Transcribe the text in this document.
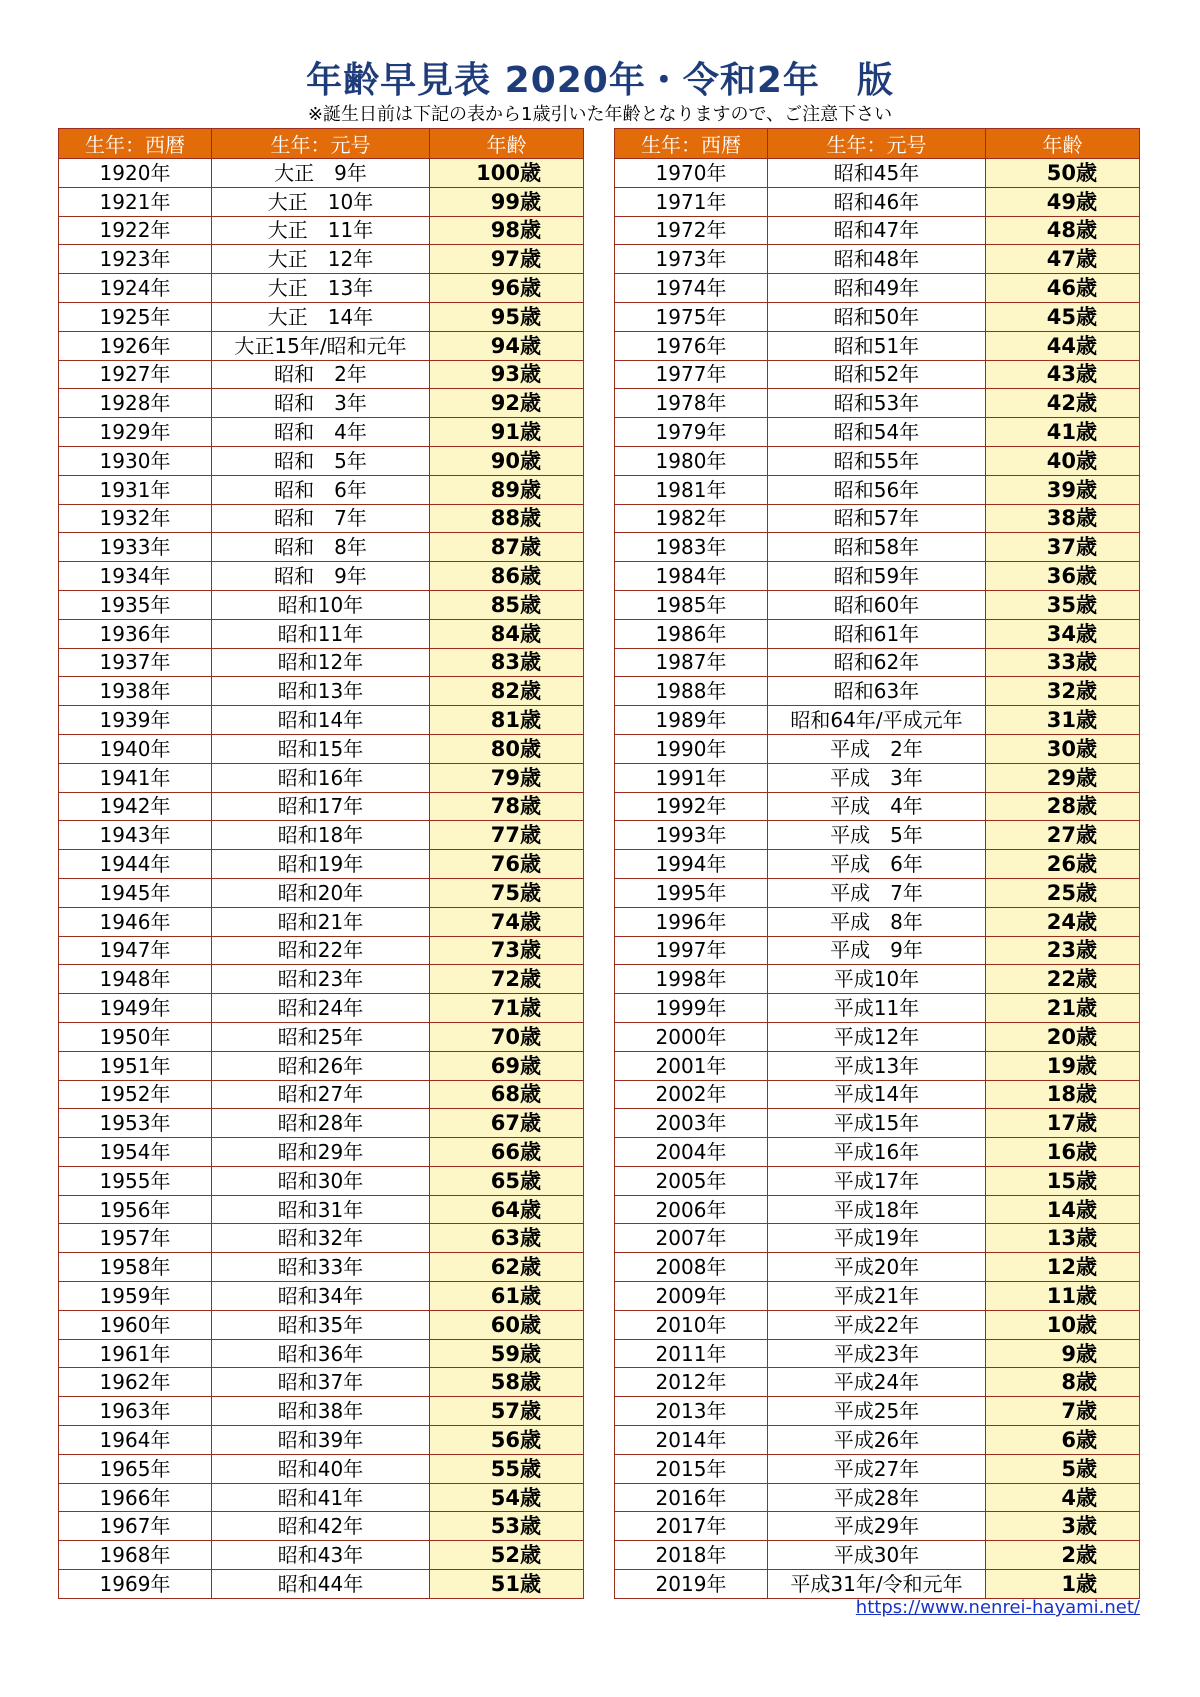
年齢早見表 2020年・令和2年　版
※誕生日前は下記の表から1歳引いた年齢となりますので、ご注意下さい
生年：西暦	生年：元号	年齢
1920年	大正　9年	100歳
1921年	大正　10年	99歳
1922年	大正　11年	98歳
1923年	大正　12年	97歳
1924年	大正　13年	96歳
1925年	大正　14年	95歳
1926年	大正15年/昭和元年	94歳
1927年	昭和　2年	93歳
1928年	昭和　3年	92歳
1929年	昭和　4年	91歳
1930年	昭和　5年	90歳
1931年	昭和　6年	89歳
1932年	昭和　7年	88歳
1933年	昭和　8年	87歳
1934年	昭和　9年	86歳
1935年	昭和10年	85歳
1936年	昭和11年	84歳
1937年	昭和12年	83歳
1938年	昭和13年	82歳
1939年	昭和14年	81歳
1940年	昭和15年	80歳
1941年	昭和16年	79歳
1942年	昭和17年	78歳
1943年	昭和18年	77歳
1944年	昭和19年	76歳
1945年	昭和20年	75歳
1946年	昭和21年	74歳
1947年	昭和22年	73歳
1948年	昭和23年	72歳
1949年	昭和24年	71歳
1950年	昭和25年	70歳
1951年	昭和26年	69歳
1952年	昭和27年	68歳
1953年	昭和28年	67歳
1954年	昭和29年	66歳
1955年	昭和30年	65歳
1956年	昭和31年	64歳
1957年	昭和32年	63歳
1958年	昭和33年	62歳
1959年	昭和34年	61歳
1960年	昭和35年	60歳
1961年	昭和36年	59歳
1962年	昭和37年	58歳
1963年	昭和38年	57歳
1964年	昭和39年	56歳
1965年	昭和40年	55歳
1966年	昭和41年	54歳
1967年	昭和42年	53歳
1968年	昭和43年	52歳
1969年	昭和44年	51歳
生年：西暦	生年：元号	年齢
1970年	昭和45年	50歳
1971年	昭和46年	49歳
1972年	昭和47年	48歳
1973年	昭和48年	47歳
1974年	昭和49年	46歳
1975年	昭和50年	45歳
1976年	昭和51年	44歳
1977年	昭和52年	43歳
1978年	昭和53年	42歳
1979年	昭和54年	41歳
1980年	昭和55年	40歳
1981年	昭和56年	39歳
1982年	昭和57年	38歳
1983年	昭和58年	37歳
1984年	昭和59年	36歳
1985年	昭和60年	35歳
1986年	昭和61年	34歳
1987年	昭和62年	33歳
1988年	昭和63年	32歳
1989年	昭和64年/平成元年	31歳
1990年	平成　2年	30歳
1991年	平成　3年	29歳
1992年	平成　4年	28歳
1993年	平成　5年	27歳
1994年	平成　6年	26歳
1995年	平成　7年	25歳
1996年	平成　8年	24歳
1997年	平成　9年	23歳
1998年	平成10年	22歳
1999年	平成11年	21歳
2000年	平成12年	20歳
2001年	平成13年	19歳
2002年	平成14年	18歳
2003年	平成15年	17歳
2004年	平成16年	16歳
2005年	平成17年	15歳
2006年	平成18年	14歳
2007年	平成19年	13歳
2008年	平成20年	12歳
2009年	平成21年	11歳
2010年	平成22年	10歳
2011年	平成23年	9歳
2012年	平成24年	8歳
2013年	平成25年	7歳
2014年	平成26年	6歳
2015年	平成27年	5歳
2016年	平成28年	4歳
2017年	平成29年	3歳
2018年	平成30年	2歳
2019年	平成31年/令和元年	1歳
https://www.nenrei-hayami.net/
